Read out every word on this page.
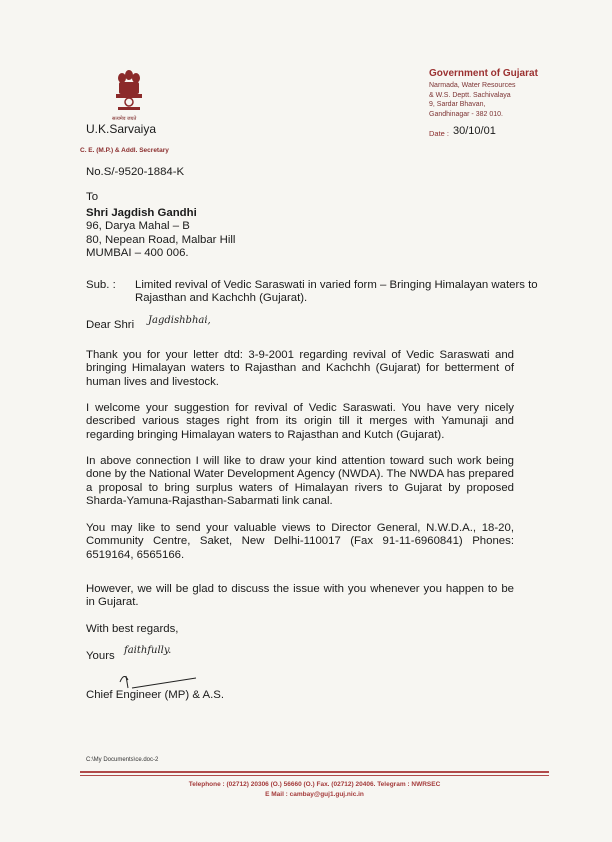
सत्यमेव जयते
U.K.Sarvaiya
C. E. (M.P.) & Addl. Secretary
Government of Gujarat
Narmada, Water Resources
& W.S. Deptt. Sachivalaya
9, Sardar Bhavan,
Gandhinagar - 382 010.
Date : 30/10/01
No.S/-9520-1884-K
To
Shri Jagdish Gandhi
96, Darya Mahal – B
80, Nepean Road, Malbar Hill
MUMBAI – 400 006.
Sub. : Limited revival of Vedic Saraswati in varied form – Bringing Himalayan waters to Rajasthan and Kachchh (Gujarat).
Dear Shri Jagdishbhai,
Thank you for your letter dtd: 3-9-2001 regarding revival of Vedic Saraswati and bringing Himalayan waters to Rajasthan and Kachchh (Gujarat) for betterment of human lives and livestock.
I welcome your suggestion for revival of Vedic Saraswati. You have very nicely described various stages right from its origin till it merges with Yamunaji and regarding bringing Himalayan waters to Rajasthan and Kutch (Gujarat).
In above connection I will like to draw your kind attention toward such work being done by the National Water Development Agency (NWDA). The NWDA has prepared a proposal to bring surplus waters of Himalayan rivers to Gujarat by proposed Sharda-Yamuna-Rajasthan-Sabarmati link canal.
You may like to send your valuable views to Director General, N.W.D.A., 18-20, Community Centre, Saket, New Delhi-110017 (Fax 91-11-6960841) Phones: 6519164, 6565166.
However, we will be glad to discuss the issue with you whenever you happen to be in Gujarat.
With best regards,
Yours faithfully.
Chief Engineer (MP) & A.S.
C:\My Documents\ce.doc-2
Telephone : (02712) 20306 (O.) 56660 (O.) Fax. (02712) 20406. Telegram : NWRSEC
E Mail : cambay@guj1.guj.nic.in
